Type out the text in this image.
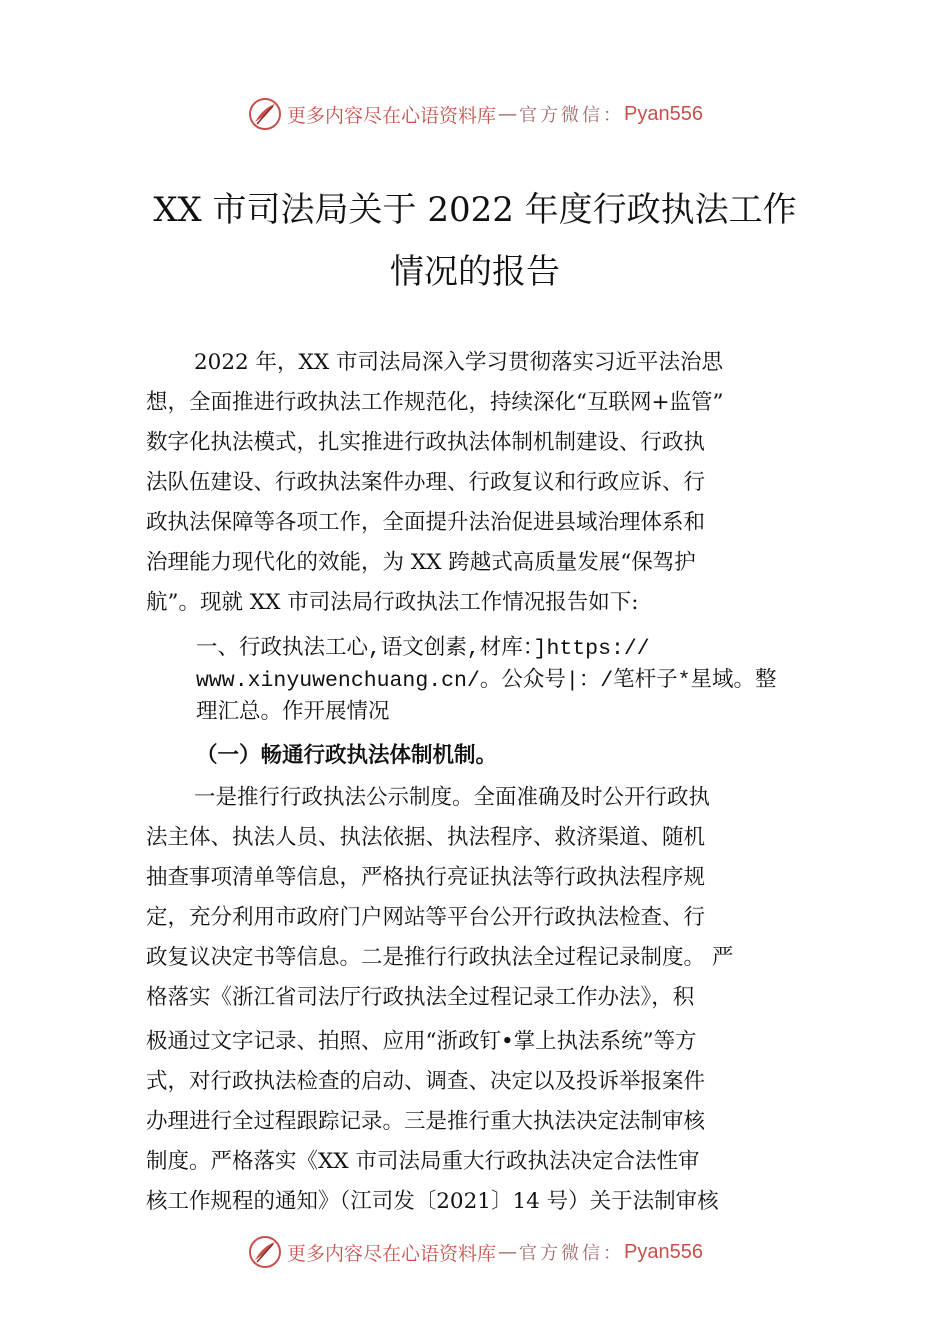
更多内容尽在心语资料库 — 官方微信： Pyan556
XX 市司法局关于 2022 年度行政执法工作
情况的报告
2022 年，XX 市司法局深入学习贯彻落实习近平法治思
想，全面推进行政执法工作规范化，持续深化“互联网+监管”
数字化执法模式，扎实推进行政执法体制机制建设、行政执
法队伍建设、行政执法案件办理、行政复议和行政应诉、行
政执法保障等各项工作，全面提升法治促进县域治理体系和
治理能力现代化的效能，为 XX 跨越式高质量发展“保驾护
航”。现就 XX 市司法局行政执法工作情况报告如下:
一、行政执法工心,语文创素,材库：]https://
www.xinyuwenchuang.cn/。公众号|：/笔杆子*星域。整
理汇总。作开展情况
（一）畅通行政执法体制机制。
一是推行行政执法公示制度。全面准确及时公开行政执
法主体、执法人员、执法依据、执法程序、救济渠道、随机
抽查事项清单等信息，严格执行亮证执法等行政执法程序规
定，充分利用市政府门户网站等平台公开行政执法检查、行
政复议决定书等信息。二是推行行政执法全过程记录制度。 严
格落实《浙江省司法厅行政执法全过程记录工作办法》，积
极通过文字记录、拍照、应用“浙政钉•掌上执法系统”等方
式，对行政执法检查的启动、调查、决定以及投诉举报案件
办理进行全过程跟踪记录。三是推行重大执法决定法制审核
制度。严格落实《XX 市司法局重大行政执法决定合法性审
核工作规程的通知》（江司发〔2021〕14 号）关于法制审核
更多内容尽在心语资料库 — 官方微信： Pyan556
